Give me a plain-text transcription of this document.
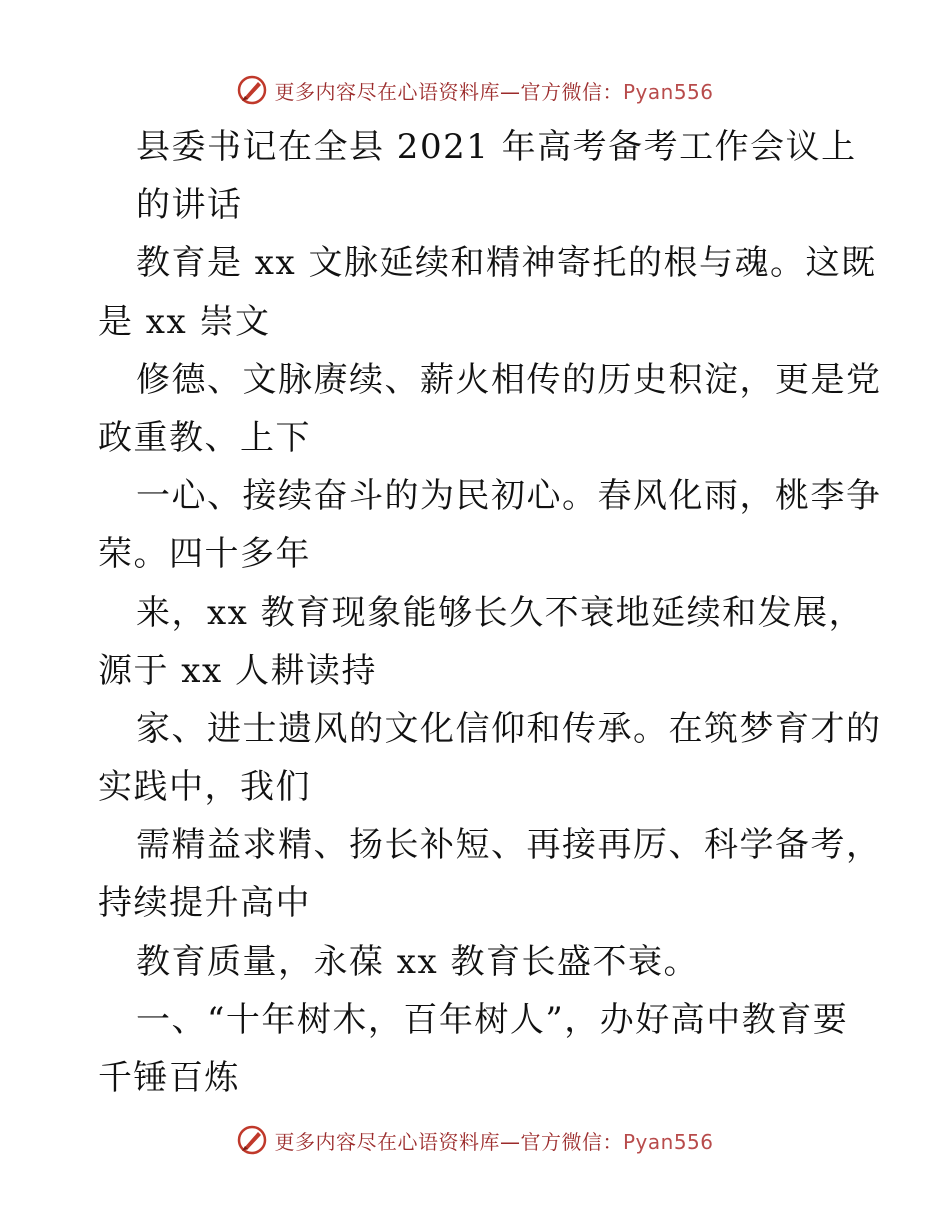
更多内容尽在心语资料库—官方微信：Pyan556
县委书记在全县 2021 年高考备考工作会议上
的讲话
教育是 xx 文脉延续和精神寄托的根与魂。这既
是 xx 崇文
修德、文脉赓续、薪火相传的历史积淀，更是党
政重教、上下
一心、接续奋斗的为民初心。春风化雨，桃李争
荣。四十多年
来，xx 教育现象能够长久不衰地延续和发展，
源于 xx 人耕读持
家、进士遗风的文化信仰和传承。在筑梦育才的
实践中，我们
需精益求精、扬长补短、再接再厉、科学备考，
持续提升高中
教育质量，永葆 xx 教育长盛不衰。
一、“十年树木，百年树人”，办好高中教育要
千锤百炼
更多内容尽在心语资料库—官方微信：Pyan556
